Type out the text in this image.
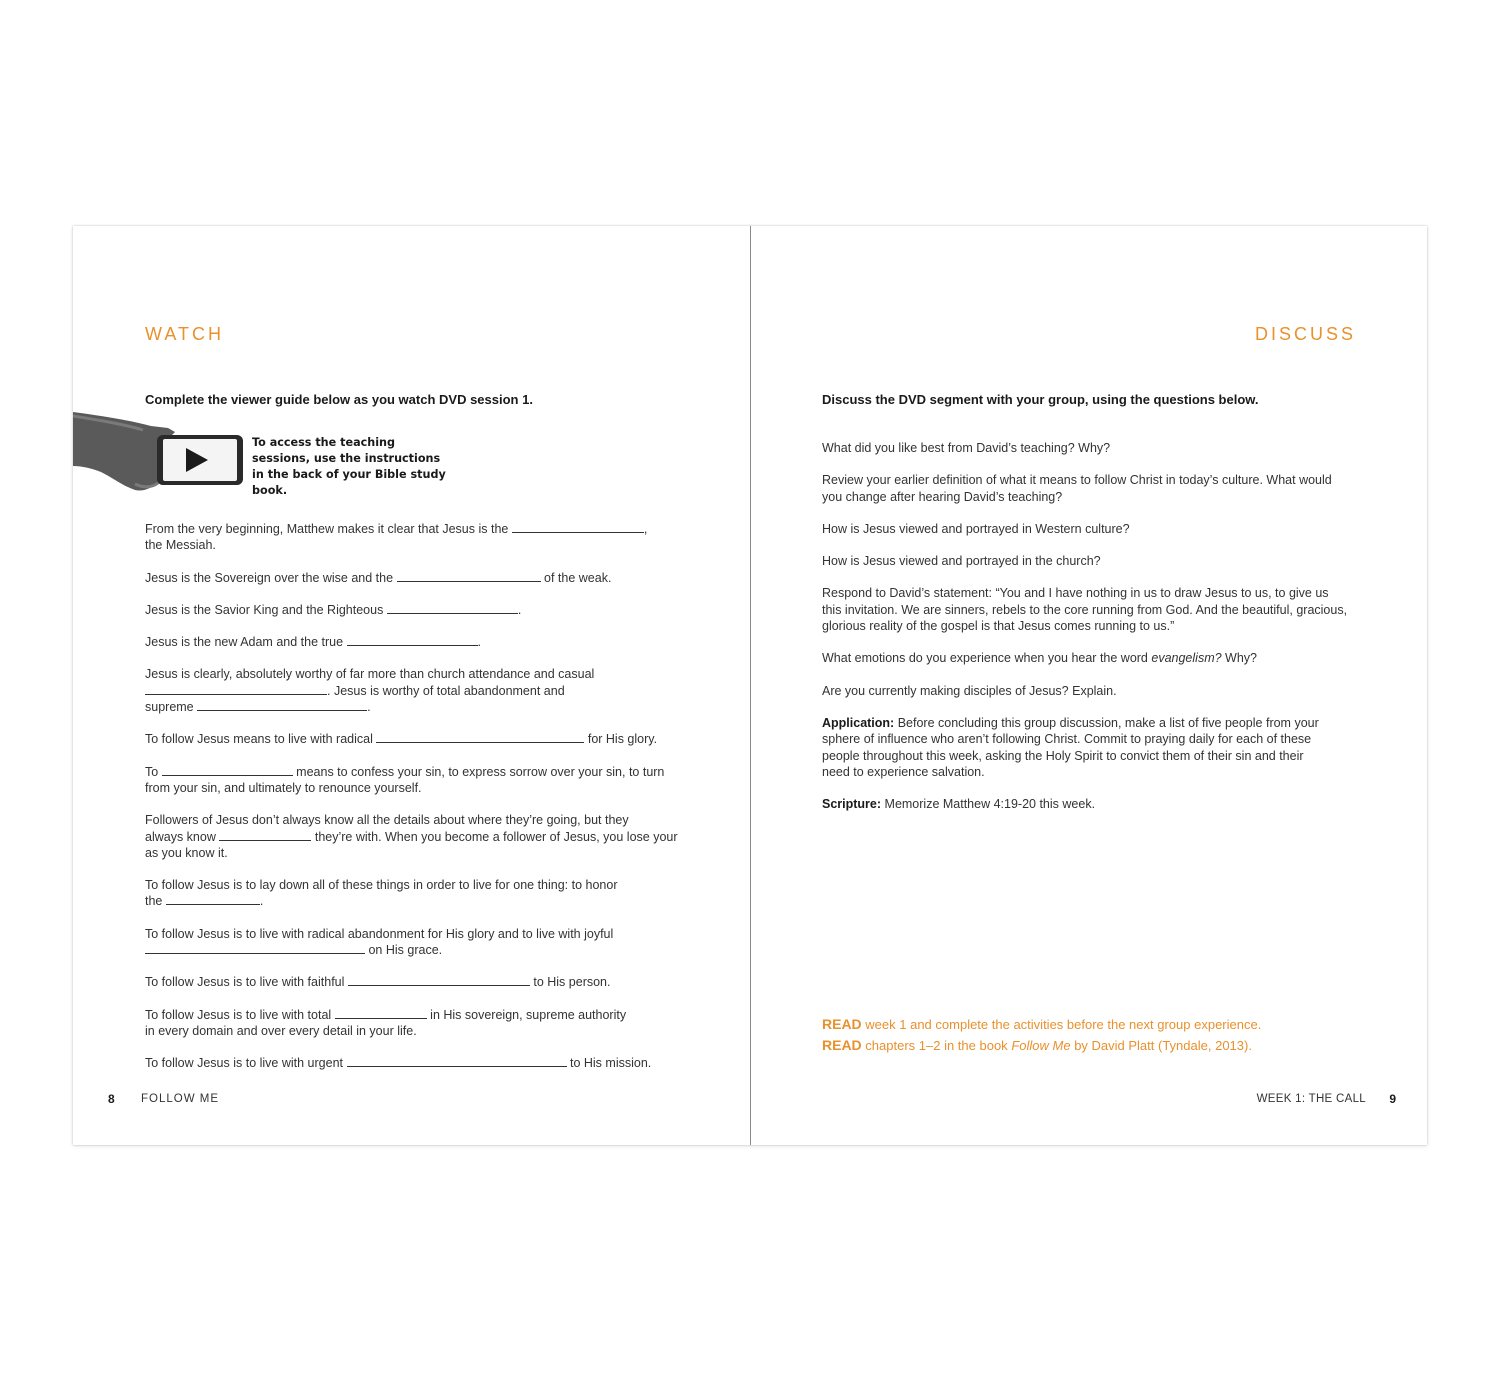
WATCH
Complete the viewer guide below as you watch DVD session 1.
To access the teaching sessions, use the instructions in the back of your Bible study book.
From the very beginning, Matthew makes it clear that Jesus is the	,
the Messiah.
Jesus is the Sovereign over the wise and the	of the weak.
Jesus is the Savior King and the Righteous	.
Jesus is the new Adam and the true	.
Jesus is clearly, absolutely worthy of far more than church attendance and casual
. Jesus is worthy of total abandonment and
supreme	.
To follow Jesus means to live with radical	for His glory.
To	means to confess your sin, to express sorrow over your sin, to turn
from your sin, and ultimately to renounce yourself.
Followers of Jesus don’t always know all the details about where they’re going, but they
always know	they’re with. When you become a follower of Jesus, you lose your
as you know it.
To follow Jesus is to lay down all of these things in order to live for one thing: to honor
the	.
To follow Jesus is to live with radical abandonment for His glory and to live with joyful
on His grace.
To follow Jesus is to live with faithful	to His person.
To follow Jesus is to live with total	in His sovereign, supreme authority
in every domain and over every detail in your life.
To follow Jesus is to live with urgent	to His mission.
8 FOLLOW ME
DISCUSS
Discuss the DVD segment with your group, using the questions below.
What did you like best from David’s teaching? Why?
Review your earlier definition of what it means to follow Christ in today’s culture. What would
you change after hearing David’s teaching?
How is Jesus viewed and portrayed in Western culture?
How is Jesus viewed and portrayed in the church?
Respond to David’s statement: “You and I have nothing in us to draw Jesus to us, to give us
this invitation. We are sinners, rebels to the core running from God. And the beautiful, gracious,
glorious reality of the gospel is that Jesus comes running to us.”
What emotions do you experience when you hear the word evangelism? Why?
Are you currently making disciples of Jesus? Explain.
Application: Before concluding this group discussion, make a list of five people from your
sphere of influence who aren’t following Christ. Commit to praying daily for each of these
people throughout this week, asking the Holy Spirit to convict them of their sin and their
need to experience salvation.
Scripture: Memorize Matthew 4:19-20 this week.
READ week 1 and complete the activities before the next group experience.
READ chapters 1–2 in the book Follow Me by David Platt (Tyndale, 2013).
WEEK 1: THE CALL 9
